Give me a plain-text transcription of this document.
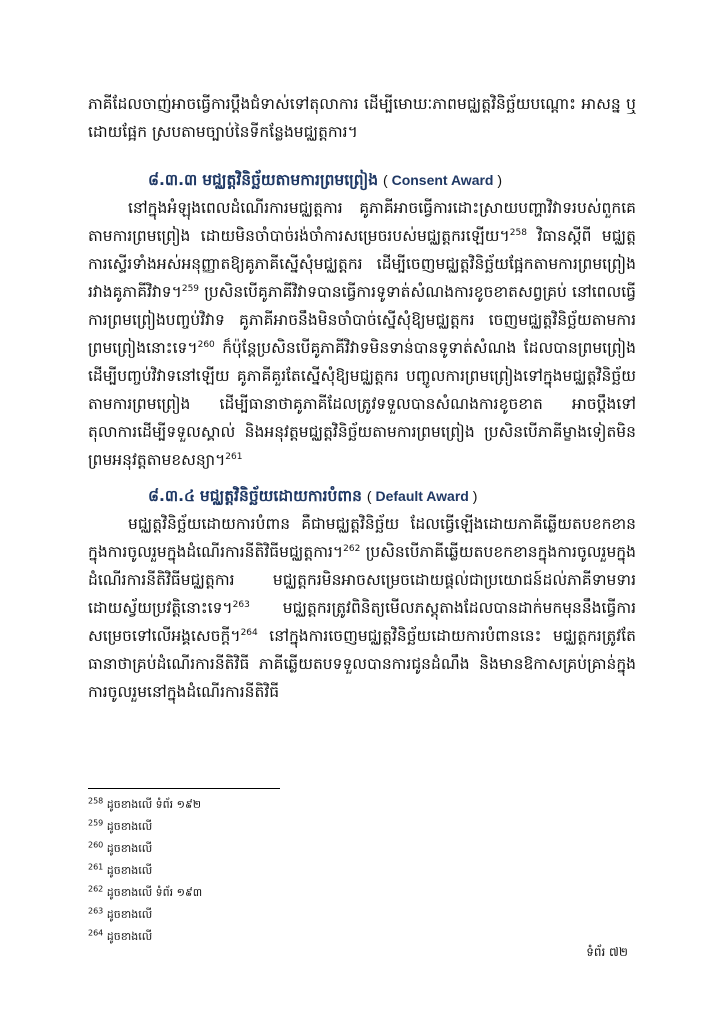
ភាគីដែលចាញ់អាចធ្វើការប្តឹងជំទាស់ទៅតុលាការ ដើម្បីមោឃៈភាពមជ្ឈត្តវិនិច្ឆ័យបណ្តោះ អាសន្ន ឬដោយផ្អែក ស្របតាមច្បាប់នៃទីកន្លែងមជ្ឈត្តការ។

៨.៣.៣ មជ្ឈត្តវិនិច្ឆ័យតាមការព្រមព្រៀង ( Consent Award )

នៅក្នុងអំឡុងពេលដំណើរការមជ្ឈត្តការ គូភាគីអាចធ្វើការដោះស្រាយបញ្ហាវិវាទរបស់ពួកគេតាមការព្រមព្រៀង ដោយមិនចាំបាច់រង់ចាំការសម្រេចរបស់មជ្ឈត្តករឡើយ។$^{258}$ វិធានស្តីពី មជ្ឈត្តការស្ទើរទាំងអស់អនុញ្ញាតឱ្យគូភាគីស្នើសុំមជ្ឈត្តករ ដើម្បីចេញមជ្ឈត្តវិនិច្ឆ័យផ្អែកតាមការព្រមព្រៀងរវាងគូភាគីវិវាទ។$^{259}$ ប្រសិនបើគូភាគីវិវាទបានធ្វើការទូទាត់សំណងការខូចខាតសព្វគ្រប់ នៅពេលធ្វើការព្រមព្រៀងបញ្ចប់វិវាទ គូភាគីអាចនឹងមិនចាំបាច់ស្នើសុំឱ្យមជ្ឈត្តករ ចេញមជ្ឈត្តវិនិច្ឆ័យតាមការព្រមព្រៀងនោះទេ។$^{260}$ ក៏ប៉ុន្តែប្រសិនបើគូភាគីវិវាទមិនទាន់បានទូទាត់សំណង ដែលបានព្រមព្រៀងដើម្បីបញ្ចប់វិវាទនៅឡើយ គូភាគីគួរតែស្នើសុំឱ្យមជ្ឈត្តករ បញ្ចូលការព្រមព្រៀងទៅក្នុងមជ្ឈត្តវិនិច្ឆ័យតាមការព្រមព្រៀង ដើម្បីធានាថាគូភាគីដែលត្រូវទទួលបានសំណងការខូចខាត អាចប្តឹងទៅតុលាការដើម្បីទទួលស្គាល់ និងអនុវត្តមជ្ឈត្តវិនិច្ឆ័យតាមការព្រមព្រៀង ប្រសិនបើភាគីម្ខាងទៀតមិនព្រមអនុវត្តតាមខសន្យា។$^{261}$

៨.៣.៤ មជ្ឈត្តវិនិច្ឆ័យដោយការបំពាន ( Default Award )

មជ្ឈត្តវិនិច្ឆ័យដោយការបំពាន គឺជាមជ្ឈត្តវិនិច្ឆ័យ ដែលធ្វើឡើងដោយភាគីឆ្លើយតបខកខានក្នុងការចូលរួមក្នុងដំណើរការនីតិវិធីមជ្ឈត្តការ។$^{262}$ ប្រសិនបើភាគីឆ្លើយតបខកខានក្នុងការចូលរួមក្នុងដំណើរការនីតិវិធីមជ្ឈត្តការ មជ្ឈត្តករមិនអាចសម្រេចដោយផ្តល់ជាប្រយោជន៍ដល់ភាគីទាមទារដោយស្វ័យប្រវត្តិនោះទេ។$^{263}$ មជ្ឈត្តករត្រូវពិនិត្យមើលភស្តុតាងដែលបានដាក់មកមុននឹងធ្វើការសម្រេចទៅលើអង្គសេចក្តី។$^{264}$ នៅក្នុងការចេញមជ្ឈត្តវិនិច្ឆ័យដោយការបំពាននេះ មជ្ឈត្តករត្រូវតែធានាថាគ្រប់ដំណើរការនីតិវិធី ភាគីឆ្លើយតបទទួលបានការជូនដំណឹង និងមានឱកាសគ្រប់គ្រាន់ក្នុងការចូលរួមនៅក្នុងដំណើរការនីតិវិធី

$^{258}$ ដូចខាងលើ ទំព័រ ១៩២

$^{259}$ ដូចខាងលើ

$^{260}$ ដូចខាងលើ

$^{261}$ ដូចខាងលើ

$^{262}$ ដូចខាងលើ ទំព័រ ១៩៣

$^{263}$ ដូចខាងលើ

$^{264}$ ដូចខាងលើ

ទំព័រ ៧២
